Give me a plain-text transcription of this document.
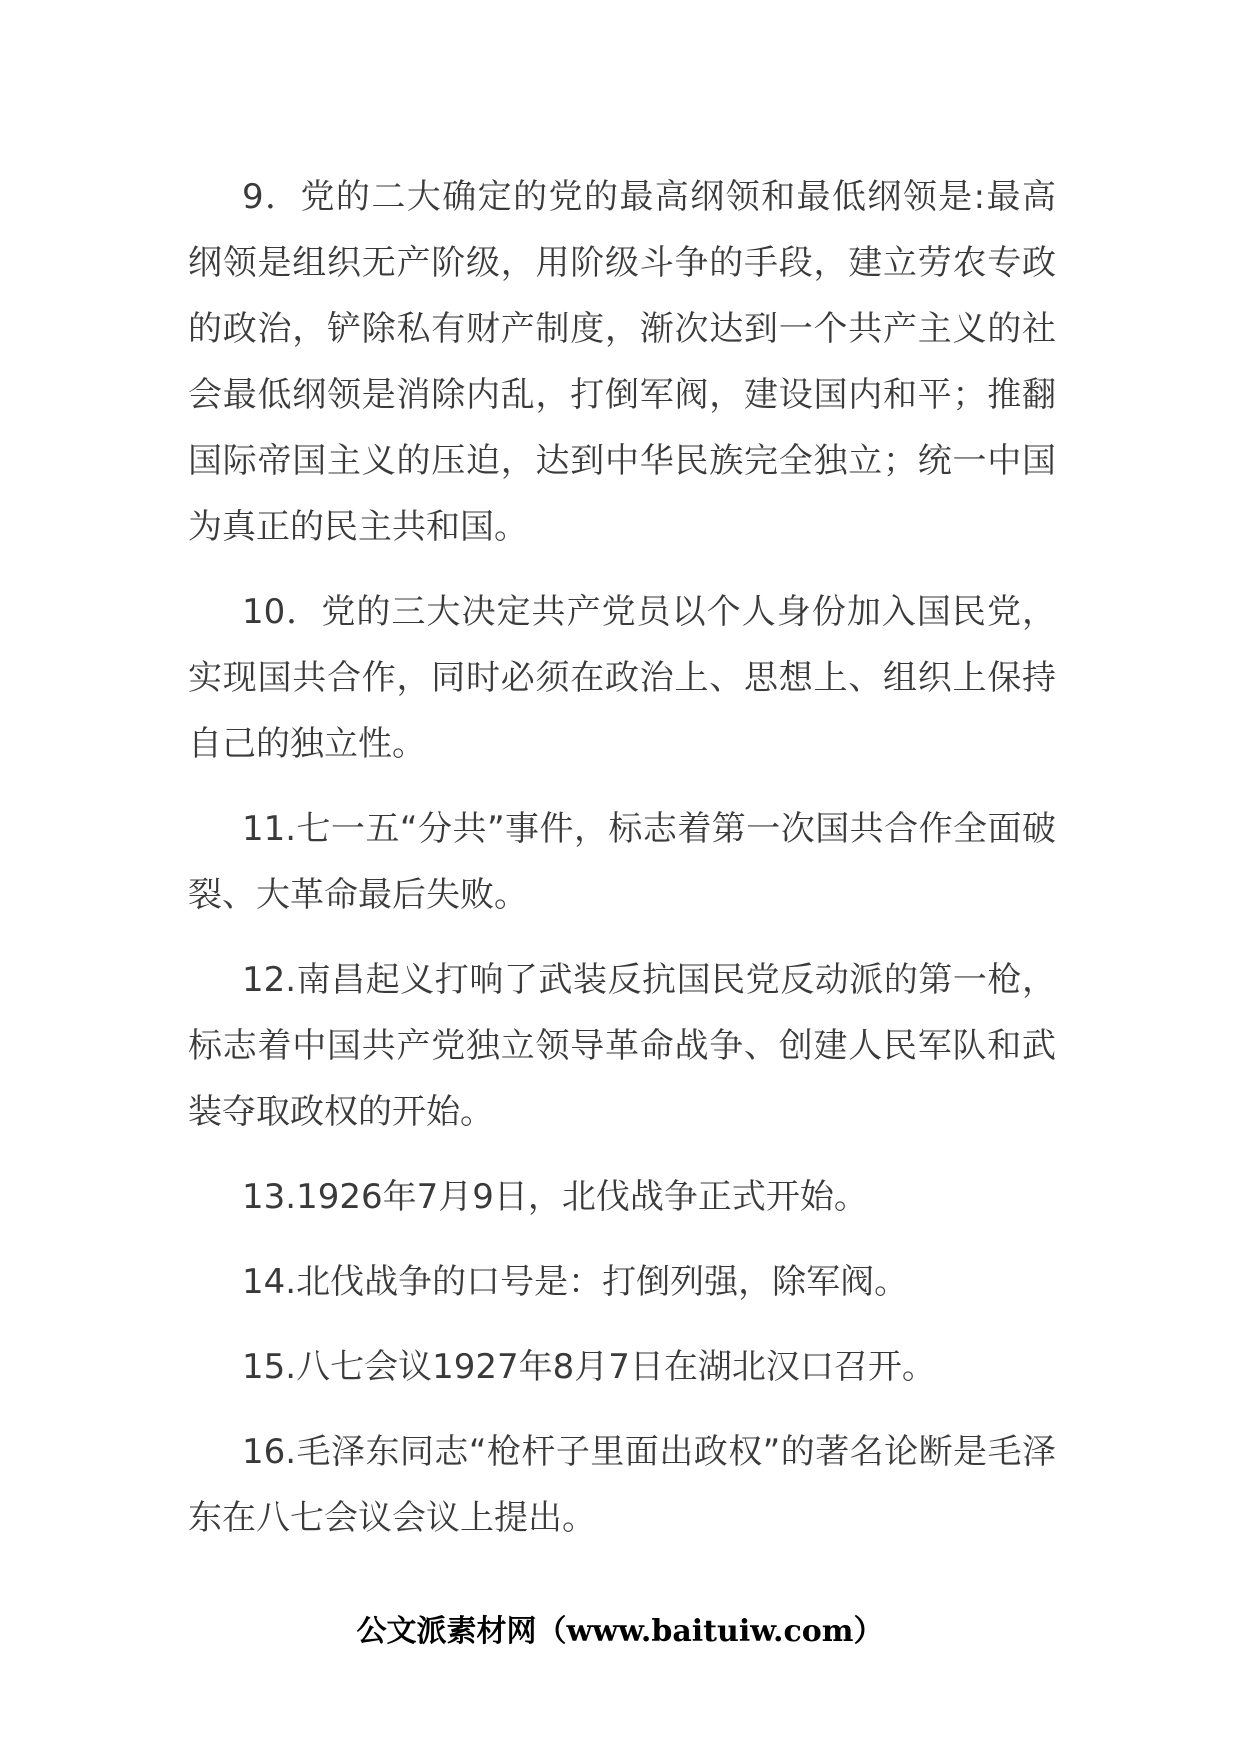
9．党的二大确定的党的最高纲领和最低纲领是:最高纲领是组织无产阶级，用阶级斗争的手段，建立劳农专政的政治，铲除私有财产制度，渐次达到一个共产主义的社会最低纲领是消除内乱，打倒军阀，建设国内和平；推翻国际帝国主义的压迫，达到中华民族完全独立；统一中国为真正的民主共和国。

10．党的三大决定共产党员以个人身份加入国民党，实现国共合作，同时必须在政治上、思想上、组织上保持自己的独立性。

11.七一五“分共”事件，标志着第一次国共合作全面破裂、大革命最后失败。

12.南昌起义打响了武装反抗国民党反动派的第一枪，标志着中国共产党独立领导革命战争、创建人民军队和武装夺取政权的开始。

13.1926年7月9日，北伐战争正式开始。

14.北伐战争的口号是：打倒列强，除军阀。

15.八七会议1927年8月7日在湖北汉口召开。

16.毛泽东同志“枪杆子里面出政权”的著名论断是毛泽东在八七会议会议上提出。

公文派素材网（www.baituiw.com）
